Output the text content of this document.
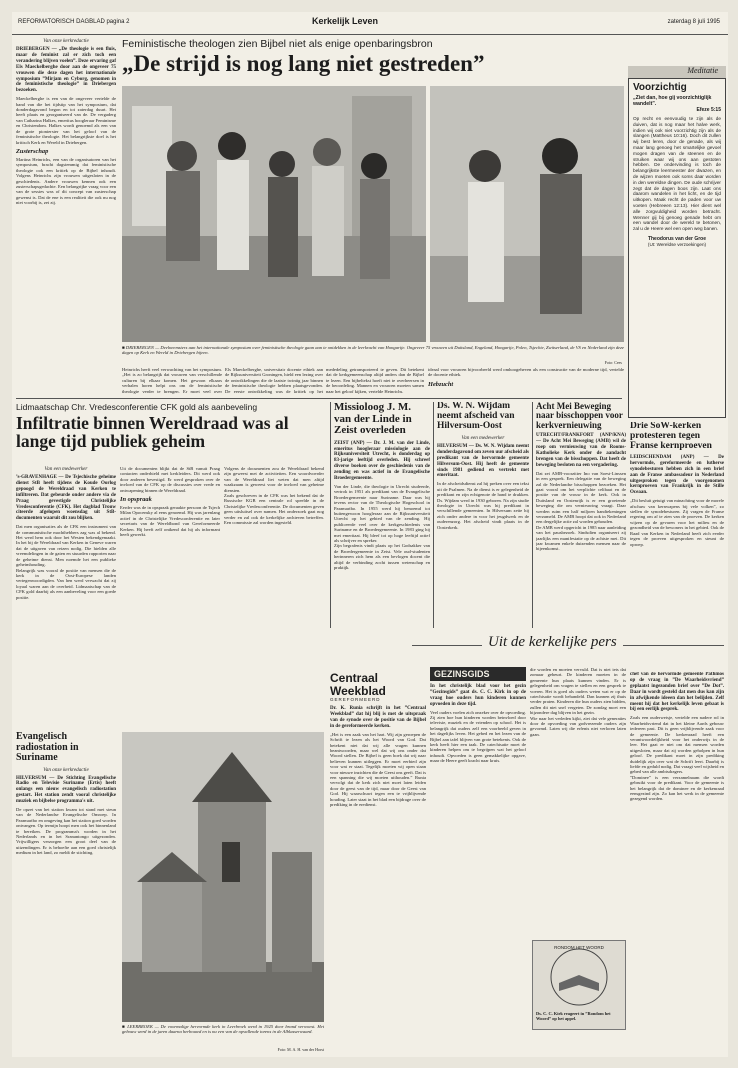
REFORMATORISCH DAGBLAD pagina 2	Kerkelijk Leven	zaterdag 8 juli 1995

Van onze kerkredactie

DRIEBERGEN — „De theologie is een fluis, maar de feminist zal er zich toch een verandering blijven voelen”. Deze ervaring gaf Els Maeckelberghe door aan de ongeveer 75 vrouwen die deze dagen het internationale symposium ”Mirjam en Cyborg, genomen in de feministische theologie” in Driebergen bezoeken.

Maeckelberghe is een van de ongeveer vertelde de band van die het tijdstip van het symposium, dat donderdagavond begon en tot zaterdag duurt. Het heeft plaats en georganiseerd van de. De vergaderg van Catharina Halkes, emeritus hoogleraar Feminisme en Christendom. Halkes wordt genoemd als een van de grote pionierster van het geloof van de feministische theologie. Het belangrijkste doel is het kritisch Kerk en Wereld in Driebergen.

Zusterschap

Martina Heinrichs, een van de organisatoren van het symposium, bracht dagstemmig dat feministische theologie ook een kritiek op de Bijbel inhoudt. Volgens Heinrichs zijn vrouwen uitgesloten in de geschiedenis. Andere vrouwen kennen ook een zusterschapsgedachte. Een belangrijke vraag voor een van de sessies was of dit concept van zusterschap gewenst is. Dat de ene is een realiteit die ook nu nog niet voorbij is, zei zij.

Feministische theologen zien Bijbel niet als enige openbaringsbron

„De strijd is nog lang niet gestreden”

■ DRIEBERGEN — Deelneemsters aan het internationale symposium over feministische theologie gaan aan te ontdekken in de leerkracht van Hongarije. Ongeveer 75 vrouwen uit Duitsland, Engeland, Hongarije, Polen, Tsjechie, Zwitserland, de VS en Nederland zijn deze dagen op Kerk en Wereld in Driebergen bijeen.

Foto: Cees

Heinrichs heeft veel verwachting van het symposium. „Het is zo belangrijk dat vrouwen van verschillende culturen bij elkaar komen. Het gewoon elkaars verhalen horen helpt ons om de feministische theologie verder te brengen. Er moet veel over

Els Maeckelberghe, universitair docente ethiek aan de Rijksuniversiteit Groningen, hield een lezing over de ontwikkelingen die de laatste twintig jaar binnen de feministische theologie hebben plaatsgevonden. De eerste ontwikkeling was de kritiek op het

mededeling getransporteerd te geven. Dit betekent dat de kerkgemeenschap altijd anders dan de Bijbel te lezen. Een bijbeltekst hoeft niet te overheersen in de beoordeling. Mannen en vrouwen moeten samen naar het geloof kijken, vertelde Heinrichs.

ideaal voor vrouwen bijvoorbeeld werd omhoogeheven als een constructie van de moderne tijd, vertelde de docente ethiek.

Hebzucht

Meditatie

Voorzichtig

„Ziet dan, hoe gij voorzichtiglijk wandelt”.

Efeze 5:15

Op recht en eenvoudig te zijn als de duiven, dat is nog maar het halve werk, indien wij ook niet voorzichtig zijn als de slangen (Mattheus 10:16). Doch dit zullen wij best leren, door de genade, als wij maar lang genoeg het smartelijke gevoel mogen dragen van de steenen en de struiken waar wij ons aan gestoten hebben. De ondervinding is toch de belangrijkste leermeester der dwazen, en de wijzen moeten ook soms daar worden in den wereldse dingen. De oude schrijver zegt dat de dagen boos zijn. Laat ons daarom wandelen in het licht, en de tijd uitkopen. Maak recht de paden voor uw voeten (Hebreeen 12:13). Hier dient wel alle zorgvuldigheid worden betracht. Wenner gij bij genoeg genade hebt om een wandel door de wereld te betonen, zal u de Heere wel een open weg banen.

Theodorus van der Groe

(Ut: Wereldse verzoekingen)

Lidmaatschap Chr. Vredesconferentie CFK gold als aanbeveling

Infiltratie binnen Wereldraad was al lange tijd publiek geheim

Van een medewerker

’s-GRAVENHAGE — De Tsjechische geheime dienst StB heeft tijdens de Koude Oorlog gepoogd de Wereldraad van Kerken te infiltreren. Dat gebeurde onder andere via de Praag gevestigde Christelijke Vredesconferentie (CFK). Het dagblad Trouw citeerde afgelopen woensdag uit StB-documenten waaruit dit zou blijken.

Dat men organisaties als de CFK een instrument van de communistische machthebbers zag was al bekend. Het werd hem ook door het Westen bekendgemaakt. In het bij de Wereldraad van Kerken in Geneve waren dat de uitgaven van reizen nodig. Die hielden alle vreemdelingen in de gaten en stuurden rapporten naar de geheime dienst. Men noemde het een publieke geheimhouding.

Belangrijk was vooral de positie van mensen die de kerk in de Oost-Europese landen vertegenwoordigden. Van hen werd verwacht dat zij loyaal waren aan de overheid. Lidmaatschap van de CFK gold daarbij als een aanbeveling voor een goede positie.

Uit de documenten blijkt dat de StB vanuit Praag contacten onderhield met kerkleiders. Dit werd ook door anderen bevestigd. Er werd gesproken over de invloed van de CFK op de discussies over vrede en ontwapening binnen de Wereldraad.

In opspraak

Eerder was de in opspraak geraakte persoon de Tsjech Milan Opocensky al eens genoemd. Hij was jarenlang actief in de Christelijke Vredesconferentie en later secretaris van de Wereldbond van Gereformeerde Kerken. Hij heeft zelf ontkend dat hij als informant heeft gewerkt.

Volgens de documenten zou de Wereldraad bekend zijn geweest met de activiteiten. Een woordvoerder van de Wereldraad liet weten dat men altijd waakzaam is geweest voor de invloed van geheime diensten.

Zoals geschreven in de CFK was het bekend dat de Russische KGB een centrale rol speelde in de Christelijke Vredesconferentie. De documenten geven geen uitsluitsel over namen. Het onderzoek gaat nog verder en zal ook de kerkelijke archieven betreffen. Een commissie zal worden ingesteld.

Missioloog J. M. van der Linde in Zeist overleden

ZEIST (ANP) — Dr. J. M. van der Linde, emeritus hoogleraar missiologie aan de Rijksuniversiteit Utrecht, is donderdag op 83-jarige leeftijd overleden. Hij schreef diverse boeken over de geschiedenis van de zending en was actief in de Evangelische Broedergemeente.

Van der Linde, die theologie in Utrecht studeerde, vertrok in 1951 als predikant van de Evangelische Broedergemeente naar Suriname. Daar was hij tevens rector van de Theologische Hogeschool in Paramaribo. In 1955 werd hij benoemd tot buitengewoon hoogleraar aan de Rijksuniversiteit Utrecht op het gebied van de zending. Hij publiceerde veel over de kerkgeschiedenis van Suriname en de Broedergemeente. In 1983 ging hij met emeritaat. Hij bleef tot op hoge leeftijd actief als schrijver en spreker.

Zijn begrafenis vindt plaats op het Godsakker van de Broedergemeente in Zeist. Vele oud-studenten herinneren zich hem als een bevlogen docent die altijd de verbinding zocht tussen wetenschap en praktijk.

Ds. W. N. Wijdam neemt afscheid van Hilversum-Oost

Van een medewerker

HILVERSUM — Ds. W. N. Wijdam neemt donderdagavond om zeven uur afscheid als predikant van de hervormde gemeente Hilversum-Oost. Hij heeft de gemeente sinds 1981 gediend en vertrekt met emeritaat.

In de afscheidsdienst zal hij preken over een tekst uit de Psalmen. Na de dienst is er gelegenheid de predikant en zijn echtgenote de hand te drukken. Ds. Wijdam werd in 1930 geboren. Na zijn studie theologie in Utrecht was hij predikant in verschillende gemeenten. In Hilversum zette hij zich onder andere in voor het jeugdwerk en de ouderenzorg. Het afscheid vindt plaats in de Oosterkerk.

Acht Mei Beweging naar bisschoppen voor kerkvernieuwing

UTRECHT/FRANKFORT (ANP/KNA) — De Acht Mei Beweging (AMB) wil de roep om vernieuwing van de Rooms-Katholieke Kerk onder de aandacht brengen van de bisschoppen. Dat heeft de beweging besloten na een vergadering.

Dat zei AMB-voorzitter Ino van Soest-Linssen in een gesprek. Een delegatie van de beweging zal de Nederlandse bisschoppen bezoeken. Het gaat vooral om het verplichte celibaat en de positie van de vrouw in de kerk. Ook in Duitsland en Oostenrijk is er een groeiende beweging die om vernieuwing vraagt. Daar werden ruim een half miljoen handtekeningen verzameld. De AMB hoopt dat ook in Nederland een dergelijke actie zal worden gehouden.

De AMB werd opgericht in 1985 naar aanleiding van het pausbezoek. Sindsdien organiseert zij jaarlijks een manifestatie op de achtste mei. Dit jaar kwamen enkele duizenden mensen naar de bijeenkomst.

Drie SoW-kerken protesteren tegen Franse kernproeven

LEIDSCHENDAM (ANP) — De hervormde, gereformeerde en lutherse synodebesturen hebben zich in een brief aan de Franse ambassadeur in Nederland uitgesproken tegen de voorgenomen kernproeven van Frankrijk in de Stille Oceaan.

„Dit besluit getuigt van minachting voor de morele afschuw van kernwapens bij vele volken”, zo stellen de synodebesturen. Zij vragen de Franse regering om af te zien van de proeven. De kerken wijzen op de gevaren voor het milieu en de gezondheid van de bewoners in het gebied. Ook de Raad van Kerken in Nederland heeft zich eerder tegen de proeven uitgesproken en steunt de oproep.

Uit de kerkelijke pers

Evangelisch radiostation in Suriname

Van onze kerkredactie

HILVERSUM — De Stichting Evangelische Radio en Televisie Suriname (Ertis) heeft onlangs een nieuw evangelisch radiostation gestart. Het station zendt vooral christelijke muziek en bijbelse programma's uit.

De opzet van het station kwam tot stand met steun van de Nederlandse Evangelische Omroep. In Paramaribo en omgeving kan het station goed worden ontvangen. Op termijn hoopt men ook het binnenland te bereiken. De programma's worden in het Nederlands en in het Sranantongo uitgezonden. Vrijwilligers verzorgen een groot deel van de uitzendingen. Er is behoefte aan een goed christelijk medium in het land, zo meldt de stichting.

■ LEERBROEK — De voormalige hervormde kerk in Leerbroek werd in 1925 door brand verwoest. Het gebouw werd in de jaren daarna herbouwd en is nu een van de opvallende torens in de Alblasserwaard.

Foto: M. A. H. van der Horst

Centraal Weekblad

GEREFORMEERD

Dr. K. Runia schrijft in het ”Centraal Weekblad” dat hij blij is met de uitspraak van de synode over de positie van de Bijbel in de gereformeerde kerken.

„Het is een zaak van het hart. Wij zijn geroepen de Schrift te lezen als het Woord van God. Dat betekent niet dat wij alle vragen kunnen beantwoorden, maar wel dat wij ons onder dat Woord stellen. De Bijbel is geen boek dat wij naar believen kunnen uitleggen. Er moet eerbied zijn voor wat er staat. Tegelijk moeten wij open staan voor nieuwe inzichten die de Geest ons geeft. Dat is een spanning die wij moeten uithouden.” Runia vervolgt dat de kerk zich niet moet laten leiden door de geest van de tijd, maar door de Geest van God. Hij waarschuwt tegen een te vrijblijvende houding. Later staat in het blad een bijdrage over de prediking in de eredienst.

GEZINSGIDS

In het christelijk blad voor het gezin ”Gezinsgids” gaat ds. C. C. Kirk in op de vraag hoe ouders hun kinderen kunnen opvoeden in deze tijd.

Veel ouders voelen zich onzeker over de opvoeding. Zij zien hoe hun kinderen worden beinvloed door televisie, muziek en de vrienden op school. Het is belangrijk dat ouders zelf een voorbeeld geven in het dagelijks leven. Het gebed en het lezen van de Bijbel aan tafel blijven van grote betekenis. Ook de kerk heeft hier een taak. De catechisatie moet de kinderen helpen om te begrijpen wat het geloof inhoudt. Opvoeden is geen gemakkelijke opgave, maar de Heere geeft kracht naar kruis.

die worden en moeten vervuld. Dat is niet iets dat zomaar gebeurt. De kinderen moeten in de gemeente hun plaats kunnen vinden. Er is gelegenheid om vragen te stellen en een gesprek te voeren. Het is goed als ouders weten wat er op de catechisatie wordt behandeld. Dan kunnen zij thuis verder praten. Kinderen die hun ouders zien bidden, zullen dit niet snel vergeten. De zondag moet een bijzondere dag blijven in het gezin.

Wie naar het verleden kijkt, ziet dat vele generaties door de opvoeding van godvrezende ouders zijn gevormd. Laten wij die erfenis niet verloren laten gaan.

RONDOM HET WOORD

Ds. C. C. Kirk reageert in ”Rondom het Woord” op het appel.

chef van de hervormde gemeente Pathmos op de vraag in ”De Waarheidsvriend” geplaatst ingezonden brief over ”De Dot”. Daar in wordt gesteld dat men dus kan zijn in afwijkende ideeen dan het belijden. Zelf meent hij dat het kerkelijk leven gebaat is bij een eerlijk gesprek.

Zoals een ouderwetsje, vertelde een nadere rol in Waarheidsvriend dat in het kleine Aards gebouw iedereen past. Dit is geen vrijblijvende zaak voor de gemeente. De kerkenraad heeft een verantwoordelijkheid voor het onderwijs in de leer. Het gaat er niet om dat mensen worden uitgesloten, maar dat zij worden geholpen in hun geloof. De predikant moet in zijn prediking duidelijk zijn over wat de Schrift leert. Daarbij is liefde en geduld nodig. Dat vraagt veel wijsheid en gebed van alle ambtsdragers.

”Dominee” is een verzamelnaam die wordt gebruikt voor de predikant. Voor de gemeente is het belangrijk dat de dominee en de kerkenraad eensgezind zijn. Zo kan het werk in de gemeente gezegend worden.
